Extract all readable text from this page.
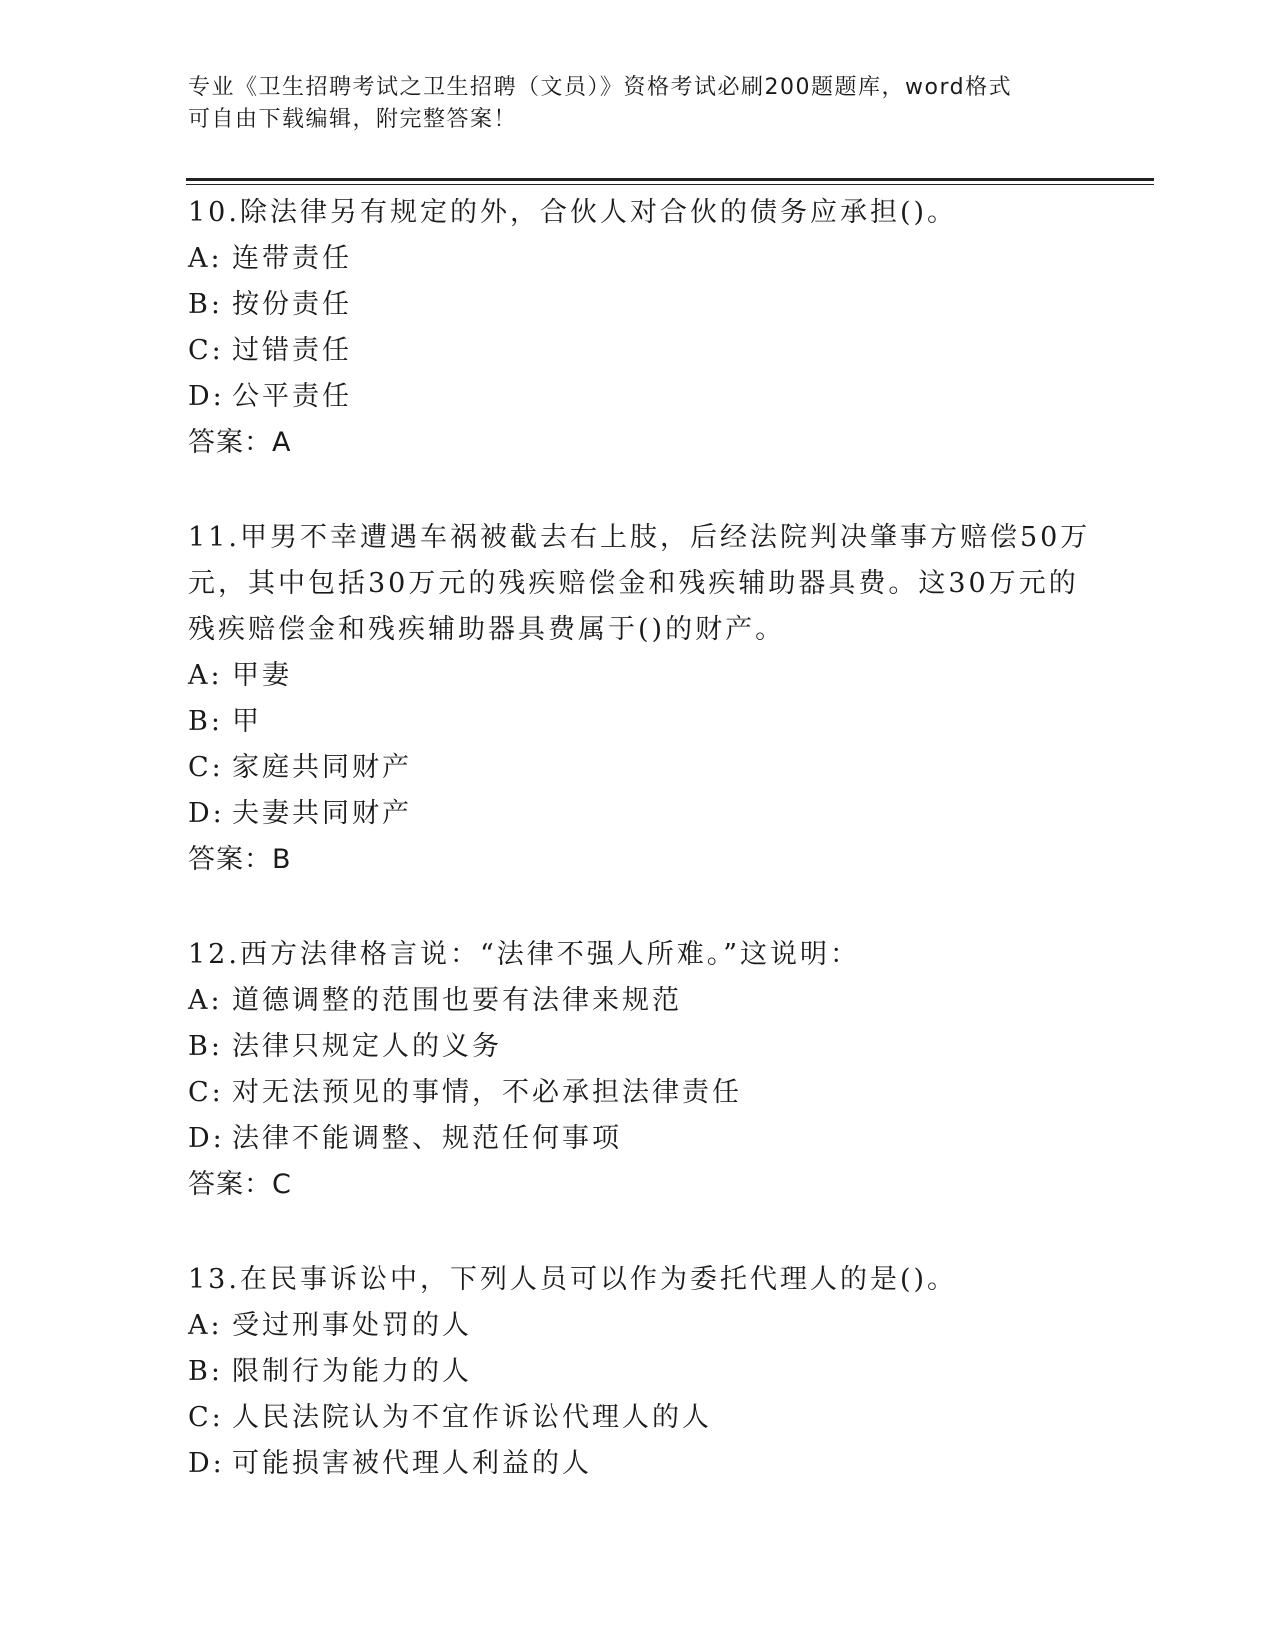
专业《卫生招聘考试之卫生招聘（文员）》资格考试必刷200题题库，word格式
可自由下载编辑，附完整答案！
10.除法律另有规定的外，合伙人对合伙的债务应承担()。
A: 连带责任
B: 按份责任
C: 过错责任
D: 公平责任
答案：A
11.甲男不幸遭遇车祸被截去右上肢，后经法院判决肇事方赔偿50万
元，其中包括30万元的残疾赔偿金和残疾辅助器具费。这30万元的
残疾赔偿金和残疾辅助器具费属于()的财产。
A: 甲妻
B: 甲
C: 家庭共同财产
D: 夫妻共同财产
答案：B
12.西方法律格言说：“法律不强人所难。”这说明：
A: 道德调整的范围也要有法律来规范
B: 法律只规定人的义务
C: 对无法预见的事情，不必承担法律责任
D: 法律不能调整、规范任何事项
答案：C
13.在民事诉讼中，下列人员可以作为委托代理人的是()。
A: 受过刑事处罚的人
B: 限制行为能力的人
C: 人民法院认为不宜作诉讼代理人的人
D: 可能损害被代理人利益的人
